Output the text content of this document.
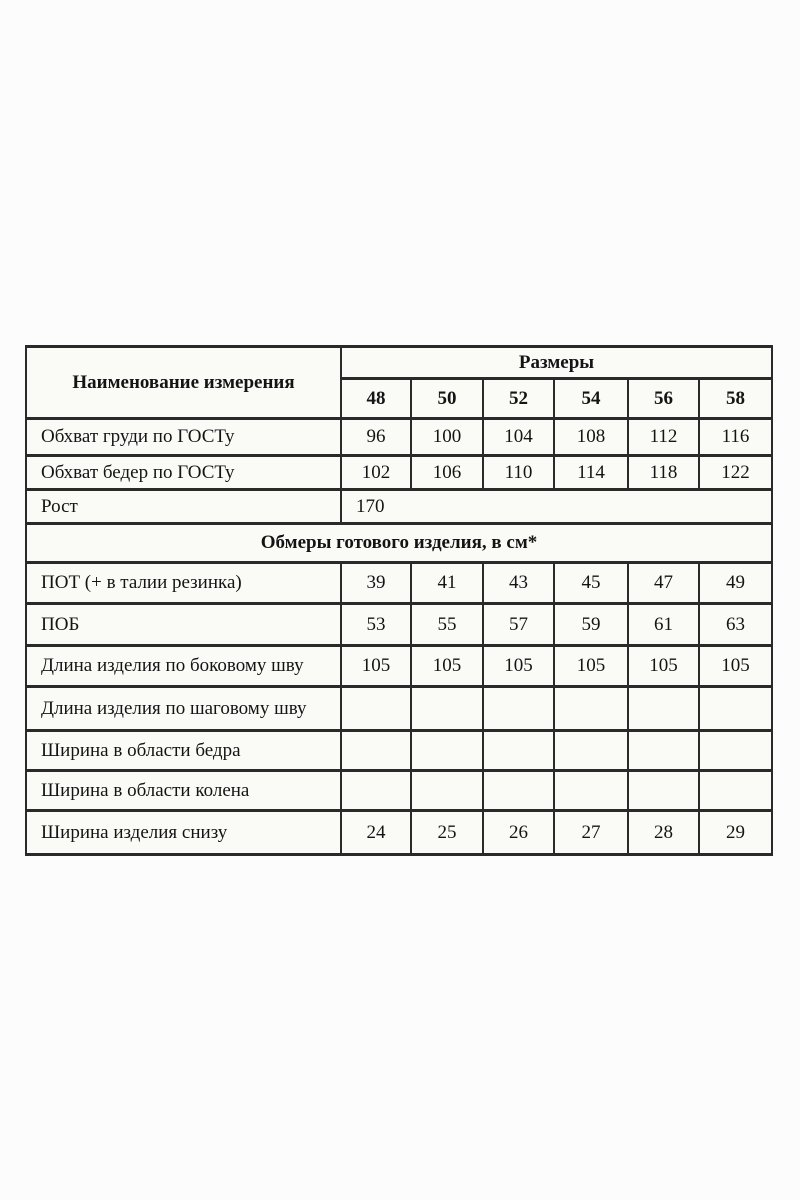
Наименование измерения	Размеры					
	48	50	52	54	56	58
Обхват груди по ГОСТу	96	100	104	108	112	116
Обхват бедер по ГОСТу	102	106	110	114	118	122
Рост	170					
Обмеры готового изделия, в см*						
ПОТ (+ в талии резинка)	39	41	43	45	47	49
ПОБ	53	55	57	59	61	63
Длина изделия по боковому шву	105	105	105	105	105	105
Длина изделия по шаговому шву						
Ширина в области бедра						
Ширина в области колена						
Ширина изделия снизу	24	25	26	27	28	29
